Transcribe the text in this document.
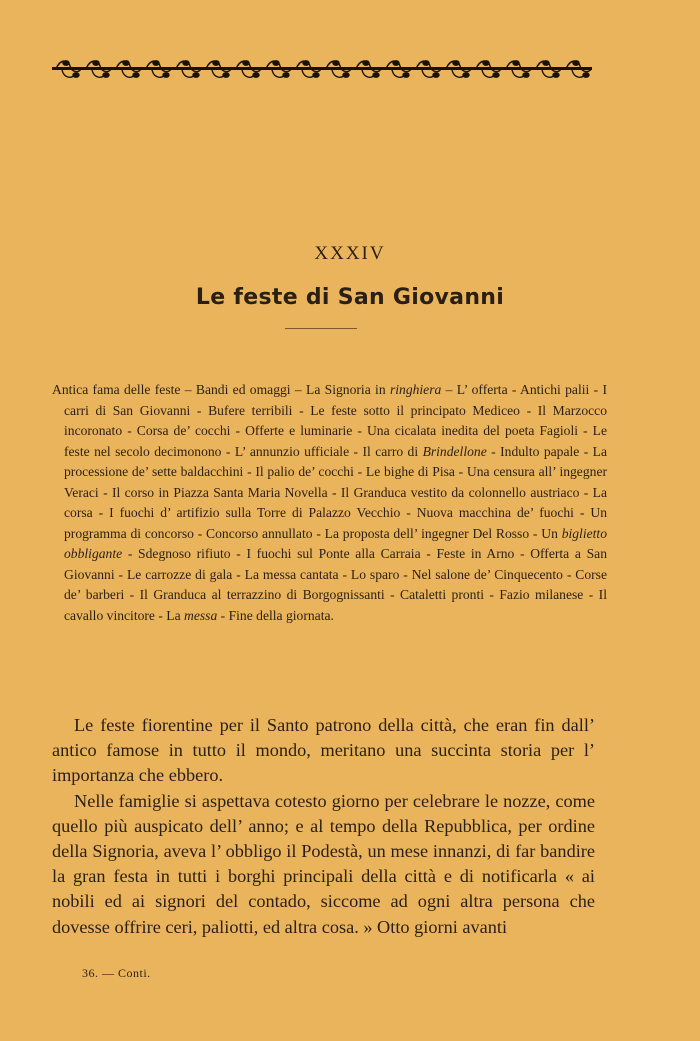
XXXIV
Le feste di San Giovanni

Antica fama delle feste – Bandi ed omaggi – La Signoria in ringhiera – L’ offerta - Antichi palii - I carri di San Giovanni - Bufere terribili - Le feste sotto il principato Mediceo - Il Marzocco incoronato - Corsa de’ cocchi - Offerte e luminarie - Una cicalata inedita del poeta Fagioli - Le feste nel secolo decimonono - L’ annunzio ufficiale - Il carro di Brindellone - Indulto papale - La processione de’ sette baldacchini - Il palio de’ cocchi - Le bighe di Pisa - Una censura all’ ingegner Veraci - Il corso in Piazza Santa Maria Novella - Il Granduca vestito da colonnello austriaco - La corsa - I fuochi d’ artifizio sulla Torre di Palazzo Vecchio - Nuova macchina de’ fuochi - Un programma di concorso - Concorso annullato - La proposta dell’ ingegner Del Rosso - Un biglietto obbligante - Sdegnoso rifiuto - I fuochi sul Ponte alla Carraia - Feste in Arno - Offerta a San Giovanni - Le carrozze di gala - La messa cantata - Lo sparo - Nel salone de’ Cinquecento - Corse de’ barberi - Il Granduca al terrazzino di Borgognissanti - Cataletti pronti - Fazio milanese - Il cavallo vincitore - La messa - Fine della giornata.

Le feste fiorentine per il Santo patrono della città, che eran fin dall’ antico famose in tutto il mondo, meritano una succinta storia per l’ importanza che ebbero.

Nelle famiglie si aspettava cotesto giorno per celebrare le nozze, come quello più auspicato dell’ anno; e al tempo della Repubblica, per ordine della Signoria, aveva l’ obbligo il Podestà, un mese innanzi, di far bandire la gran festa in tutti i borghi principali della città e di notificarla « ai nobili ed ai signori del contado, siccome ad ogni altra persona che dovesse offrire ceri, paliotti, ed altra cosa. » Otto giorni avanti

36. — Conti.
